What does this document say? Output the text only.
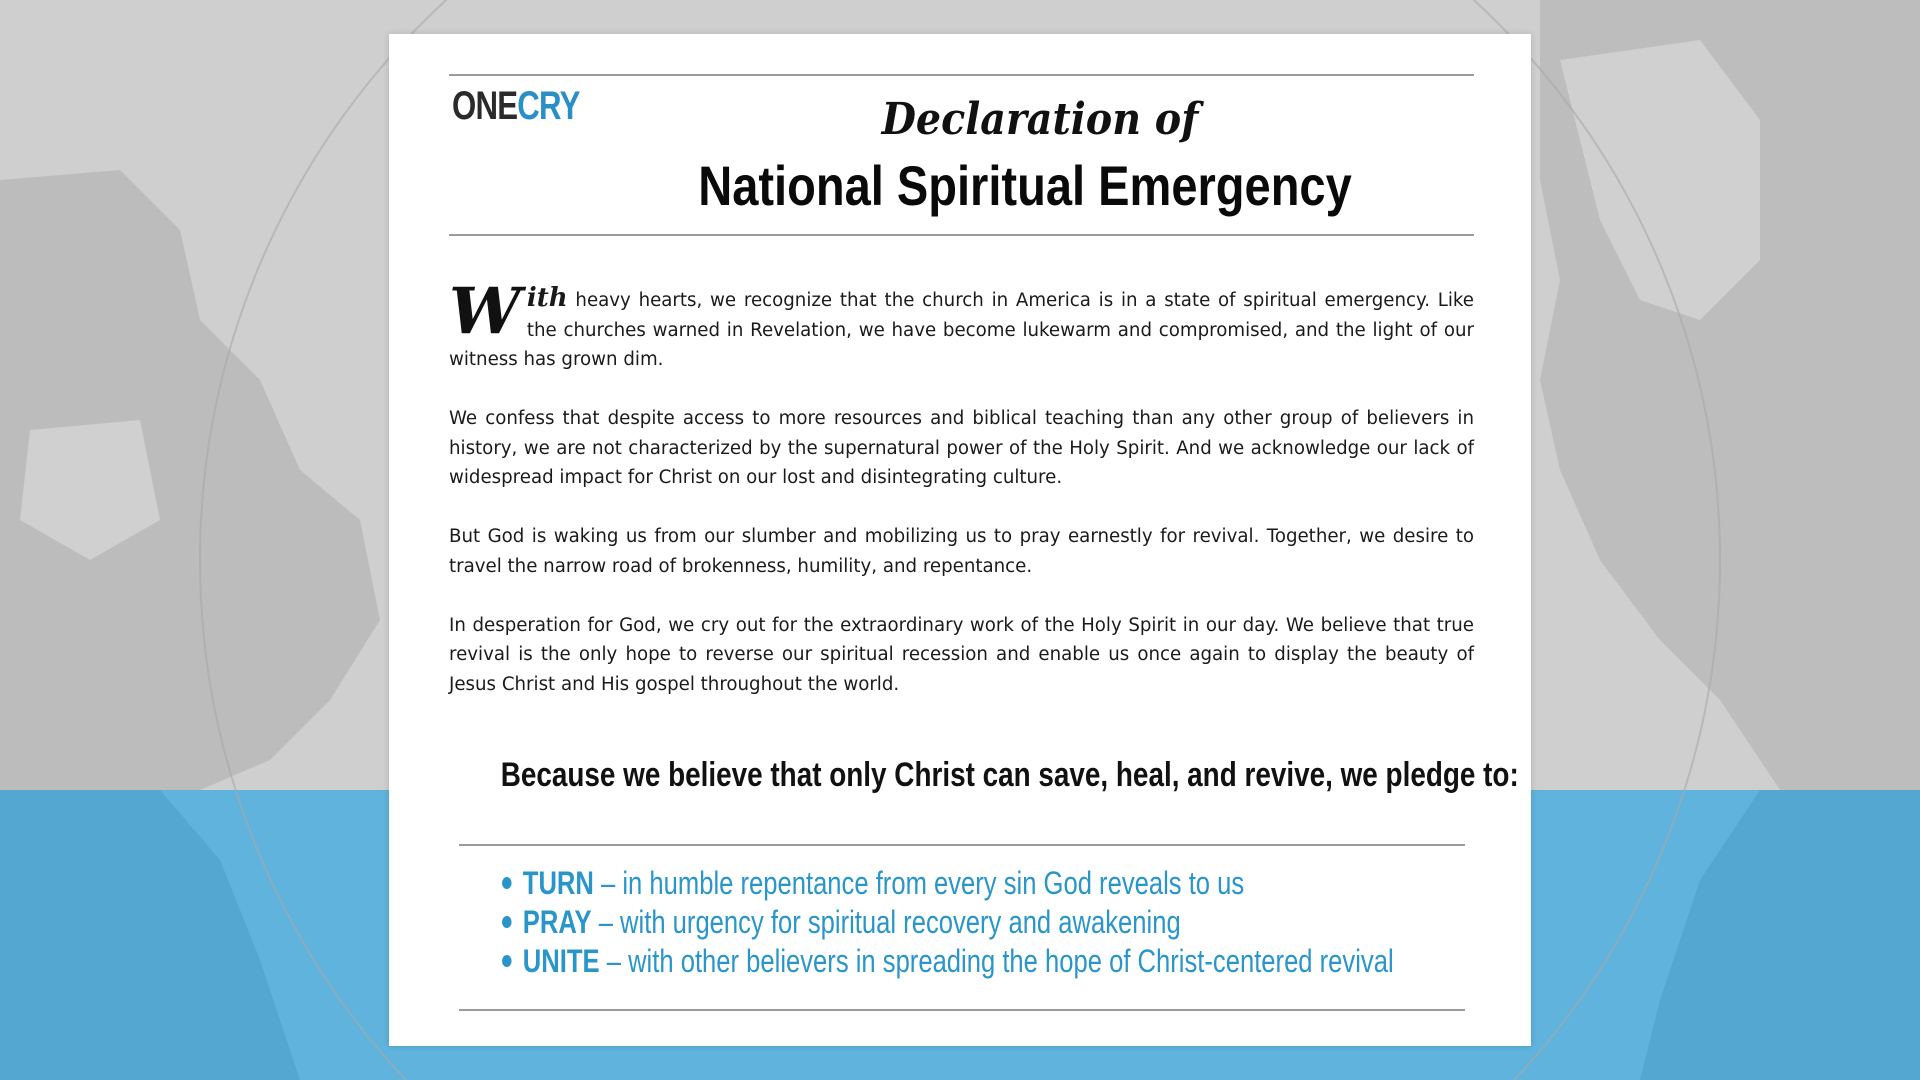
ONECRY	Declaration of
National Spiritual Emergency

With heavy hearts, we recognize that the church in America is in a state of spiritual emergency. Like the churches warned in Revelation, we have become lukewarm and compromised, and the light of our witness has grown dim.

We confess that despite access to more resources and biblical teaching than any other group of believers in history, we are not characterized by the supernatural power of the Holy Spirit. And we acknowledge our lack of widespread impact for Christ on our lost and disintegrating culture.

But God is waking us from our slumber and mobilizing us to pray earnestly for revival. Together, we desire to travel the narrow road of brokenness, humility, and repentance.

In desperation for God, we cry out for the extraordinary work of the Holy Spirit in our day. We believe that true revival is the only hope to reverse our spiritual recession and enable us once again to display the beauty of Jesus Christ and His gospel throughout the world.

Because we believe that only Christ can save, heal, and revive, we pledge to:
TURN – in humble repentance from every sin God reveals to us
PRAY – with urgency for spiritual recovery and awakening
UNITE – with other believers in spreading the hope of Christ-centered revival
